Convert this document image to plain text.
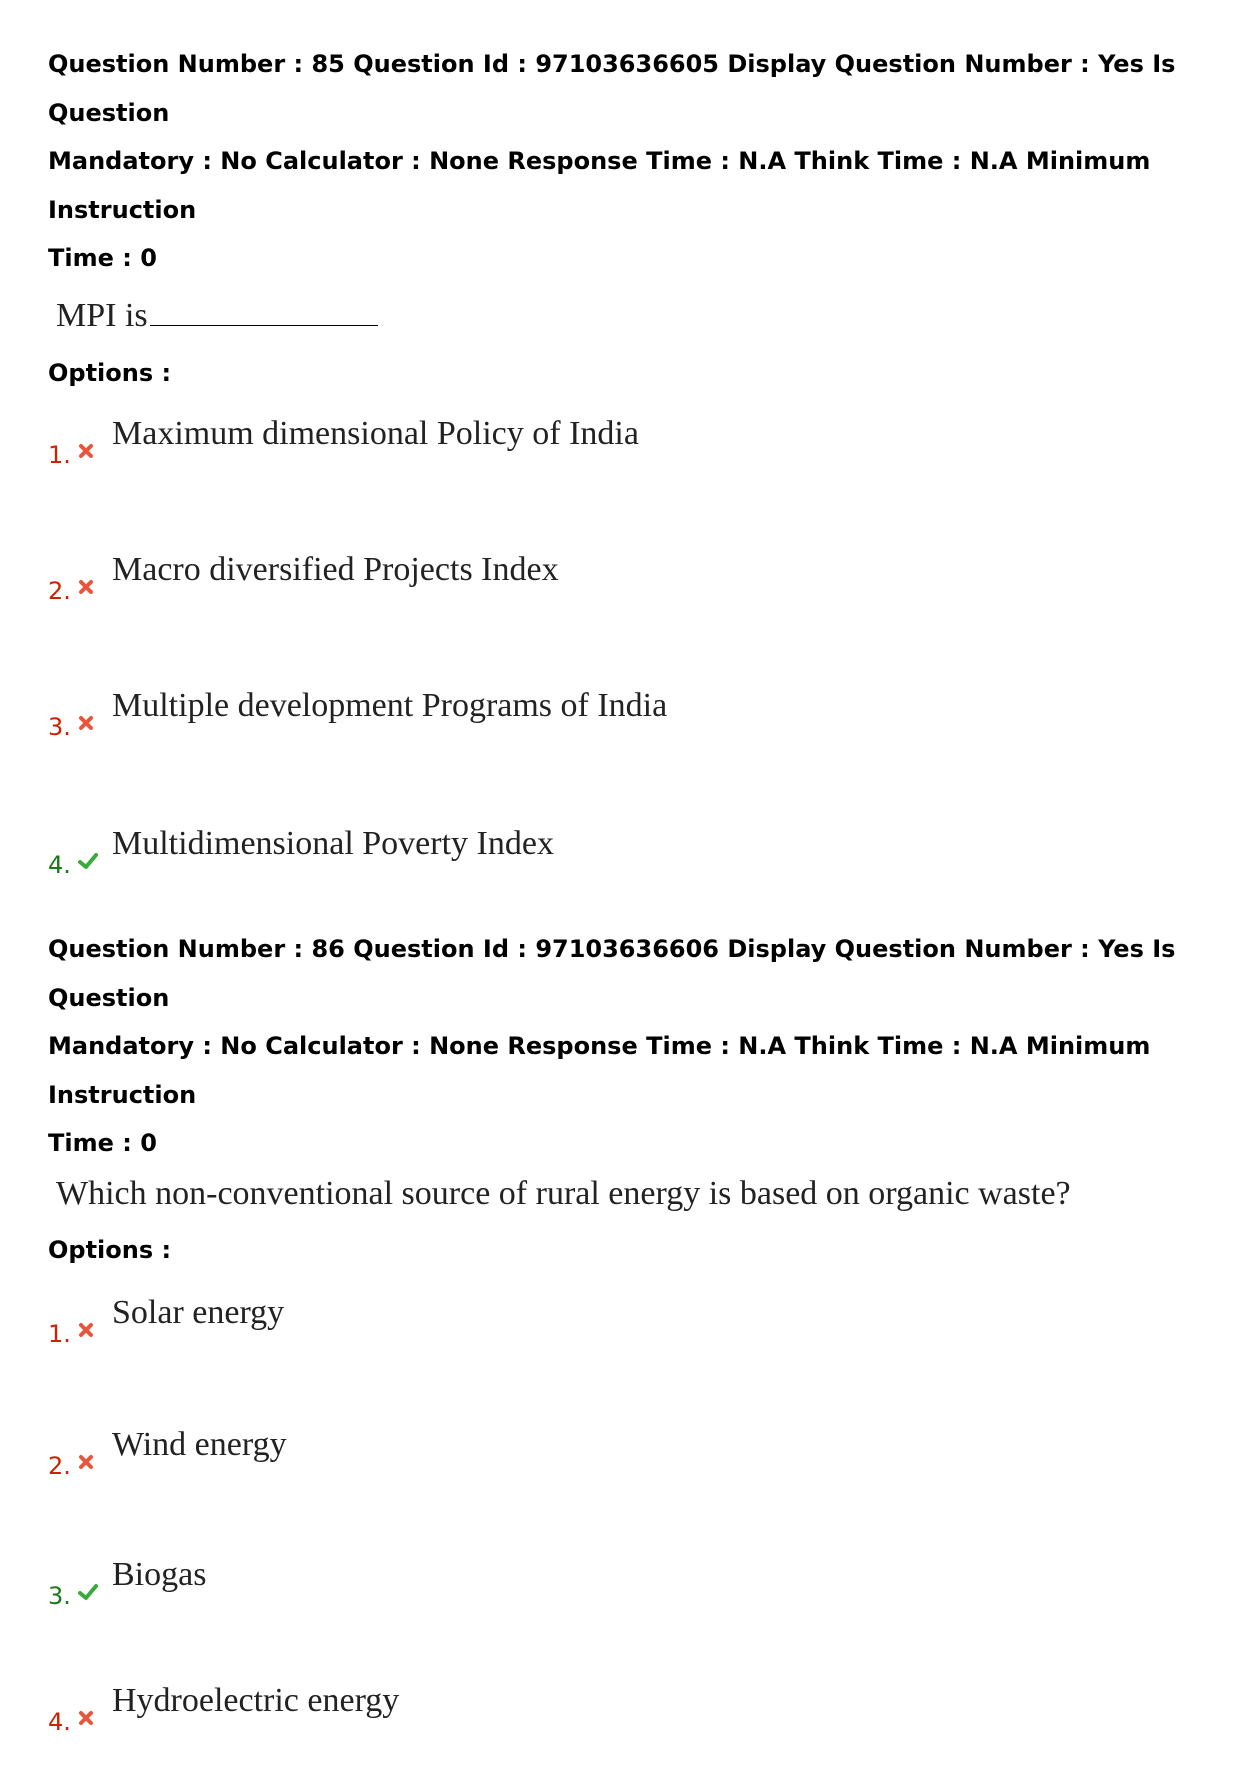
Question Number : 85 Question Id : 97103636605 Display Question Number : Yes Is Question

Mandatory : No Calculator : None Response Time : N.A Think Time : N.A Minimum Instruction

Time : 0

MPI is

Options :

1.
Maximum dimensional Policy of India
2.
Macro diversified Projects Index
3.
Multiple development Programs of India
4.
Multidimensional Poverty Index

Question Number : 86 Question Id : 97103636606 Display Question Number : Yes Is Question

Mandatory : No Calculator : None Response Time : N.A Think Time : N.A Minimum Instruction

Time : 0

Which non-conventional source of rural energy is based on organic waste?

Options :

1.
Solar energy
2.
Wind energy
3.
Biogas
4.
Hydroelectric energy
